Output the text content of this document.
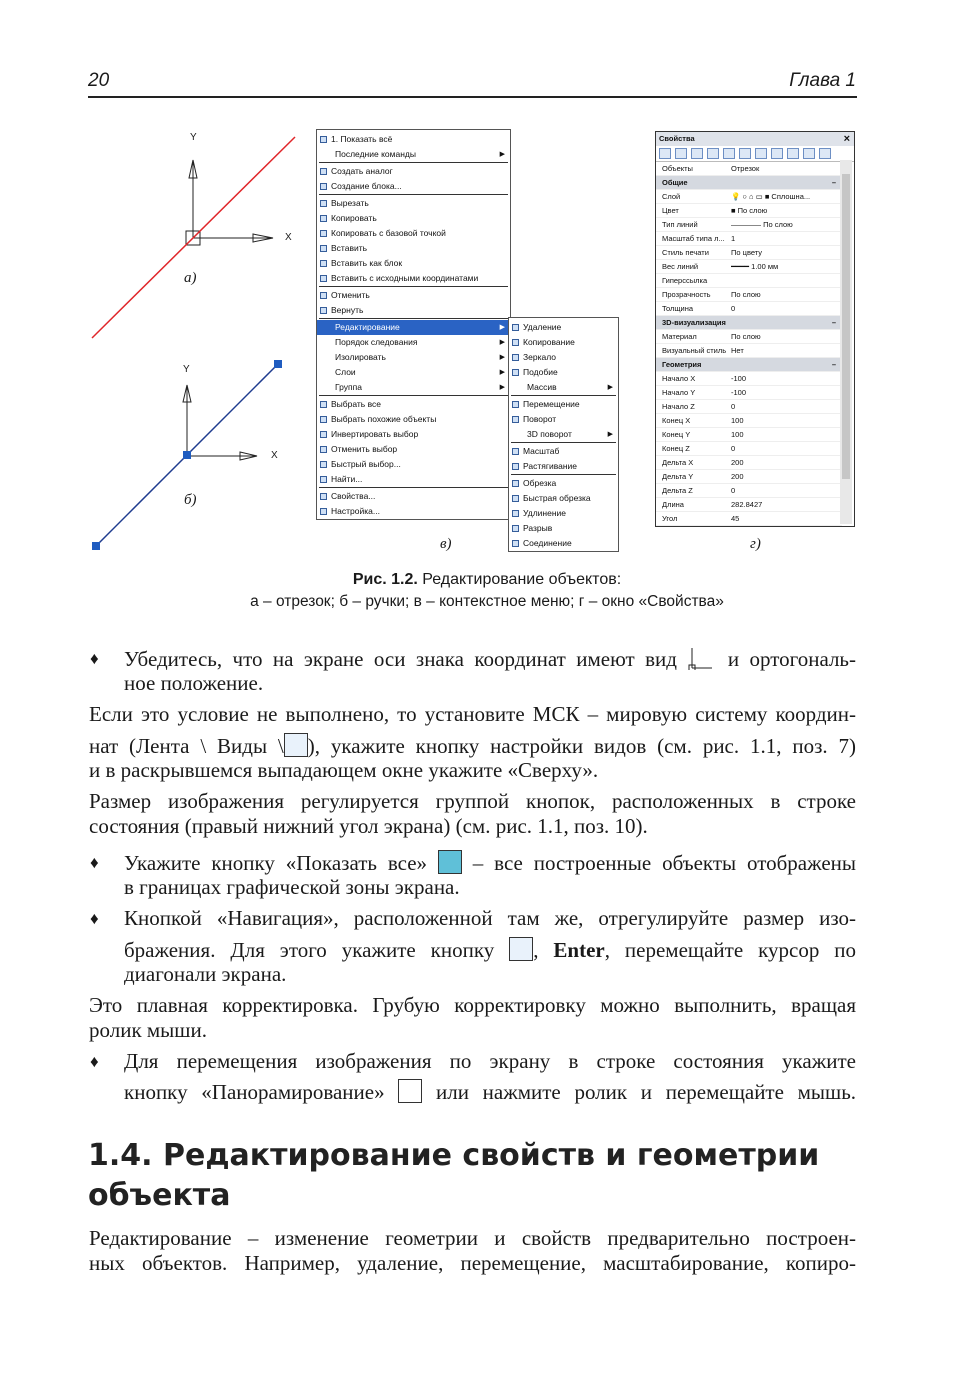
20	Глава 1
Y
X
Y
X
а)
б)
в)	г)
1. Показать всё
Последние команды	▶
Создать аналог
Создание блока...
Вырезать
Копировать
Копировать с базовой точкой
Вставить
Вставить как блок
Вставить с исходными координатами
Отменить
Вернуть
Редактирование	▶
Порядок следования	▶
Изолировать	▶
Слои	▶
Группа	▶
Выбрать все
Выбрать похожие объекты
Инвертировать выбор
Отменить выбор
Быстрый выбор...
Найти...
Свойства...
Настройка...
Удаление
Копирование
Зеркало
Подобие
Массив	▶
Перемещение
Поворот
3D поворот	▶
Масштаб
Растягивание
Обрезка
Быстрая обрезка
Удлинение
Разрыв
Соединение
Свойства	×
Объекты	Отрезок
Общие	–
Слой	💡 ○ ⌂ ▭ ■ Сплошна...
Цвет	■ По слою
Тип линий	———— По слою
Масштаб типа л... 1
Стиль печати	По цвету
Вес линий	━━━━ 1.00 мм
Гиперссылка
Прозрачность	По слою
Толщина	0
3D-визуализация	–
Материал	По слою
Визуальный стиль Нет
Геометрия	–
Начало X	-100
Начало Y	-100
Начало Z	0
Конец X	100
Конец Y	100
Конец Z	0
Дельта X	200
Дельта Y	200
Дельта Z	0
Длина	282.8427
Угол	45
Рис. 1.2. Редактирование объектов:
а – отрезок; б – ручки; в – контекстное меню; г – окно «Свойства»
♦ Убедитесь, что на экране оси знака координат имеют вид и ортогональ-
ное положение.
Если это условие не выполнено, то установите МСК – мировую систему координ-
нат (Лента \ Виды \ ), укажите кнопку настройки видов (см. рис. 1.1, поз. 7)
и в раскрывшемся выпадающем окне укажите «Сверху».
Размер изображения регулируется группой кнопок, расположенных в строке
состояния (правый нижний угол экрана) (см. рис. 1.1, поз. 10).
♦ Укажите кнопку «Показать все» – все построенные объекты отображены
в границах графической зоны экрана.
♦ Кнопкой «Навигация», расположенной там же, отрегулируйте размер изо-
бражения. Для этого укажите кнопку , Enter, перемещайте курсор по
диагонали экрана.
Это плавная корректировка. Грубую корректировку можно выполнить, вращая
ролик мыши.
♦ Для перемещения изображения по экрану в строке состояния укажите
кнопку «Панорамирование» или нажмите ролик и перемещайте мышь.
1.4. Редактирование свойств и геометрии
объекта
Редактирование – изменение геометрии и свойств предварительно построен-
ных объектов. Например, удаление, перемещение, масштабирование, копиро-
